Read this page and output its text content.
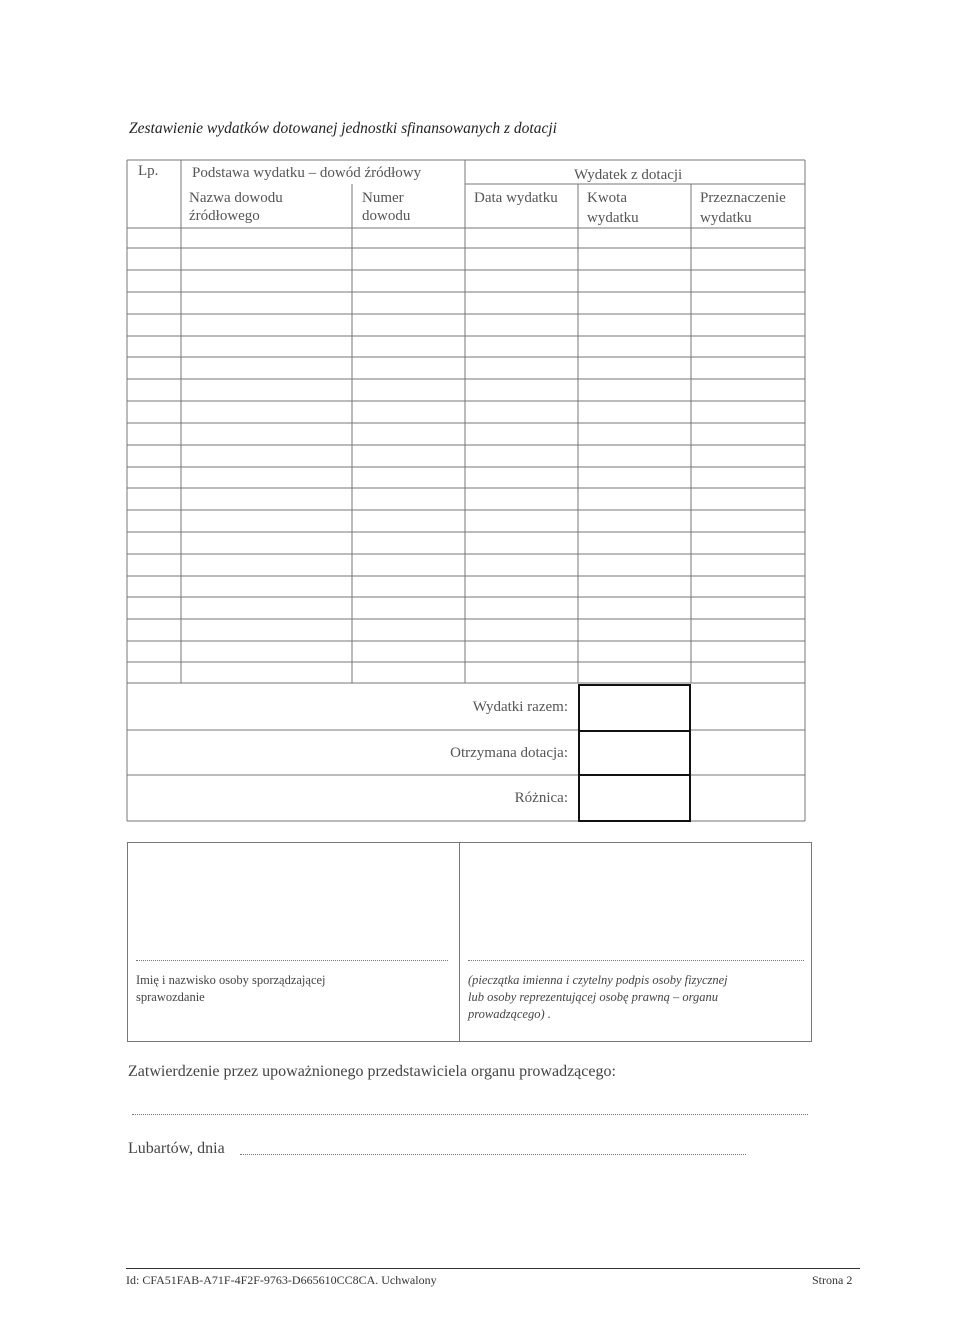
Zestawienie wydatków dotowanej jednostki sfinansowanych z dotacji
Lp. Podstawa wydatku – dowód źródłowy	Wydatek z dotacji
Nazwa dowodu
źródłowego
Numer
dowodu
Data wydatku Kwota
wydatku
Przeznaczenie
wydatku
Wydatki razem:
Otrzymana dotacja:
Różnica:
Imię i nazwisko osoby sporządzającej
sprawozdanie
(pieczątka imienna i czytelny podpis osoby fizycznej
lub osoby reprezentującej osobę prawną – organu
prowadzącego) .
Zatwierdzenie przez upoważnionego przedstawiciela organu prowadzącego:
Lubartów, dnia
Id: CFA51FAB-A71F-4F2F-9763-D665610CC8CA. Uchwalony	Strona 2
